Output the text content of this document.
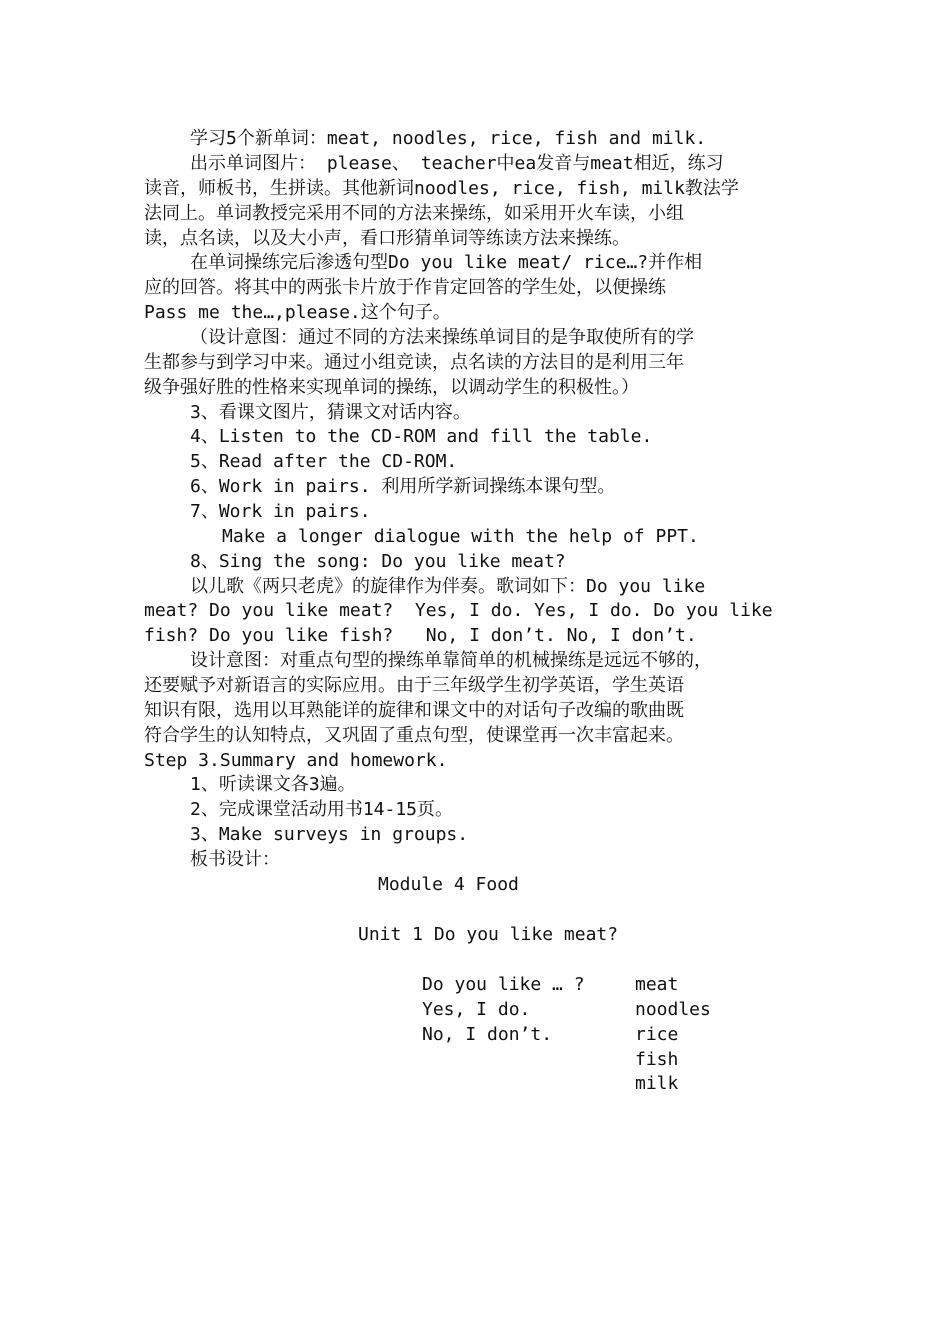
学习5个新单词：meat, noodles, rice, fish and milk.
出示单词图片： please、 teacher中ea发音与meat相近，练习
读音，师板书，生拼读。其他新词noodles, rice, fish, milk教法学
法同上。单词教授完采用不同的方法来操练，如采用开火车读，小组
读，点名读，以及大小声，看口形猜单词等练读方法来操练。
在单词操练完后渗透句型Do you like meat/ rice…?并作相
应的回答。将其中的两张卡片放于作肯定回答的学生处，以便操练
Pass me the…,please.这个句子。
（设计意图：通过不同的方法来操练单词目的是争取使所有的学
生都参与到学习中来。通过小组竞读，点名读的方法目的是利用三年
级争强好胜的性格来实现单词的操练，以调动学生的积极性。）
3、看课文图片，猜课文对话内容。
4、Listen to the CD-ROM and fill the table.
5、Read after the CD-ROM.
6、Work in pairs. 利用所学新词操练本课句型。
7、Work in pairs.
Make a longer dialogue with the help of PPT.
8、Sing the song: Do you like meat?
以儿歌《两只老虎》的旋律作为伴奏。歌词如下：Do you like
meat? Do you like meat?  Yes, I do. Yes, I do. Do you like
fish? Do you like fish?   No, I don’t. No, I don’t.
设计意图：对重点句型的操练单靠简单的机械操练是远远不够的，
还要赋予对新语言的实际应用。由于三年级学生初学英语，学生英语
知识有限，选用以耳熟能详的旋律和课文中的对话句子改编的歌曲既
符合学生的认知特点，又巩固了重点句型，使课堂再一次丰富起来。
Step 3.Summary and homework.
1、听读课文各3遍。
2、完成课堂活动用书14-15页。
3、Make surveys in groups.
板书设计：
Module 4 Food
Unit 1 Do you like meat?
Do you like … ?
Yes, I do.
No, I don’t.
meat
noodles
rice
fish
milk
